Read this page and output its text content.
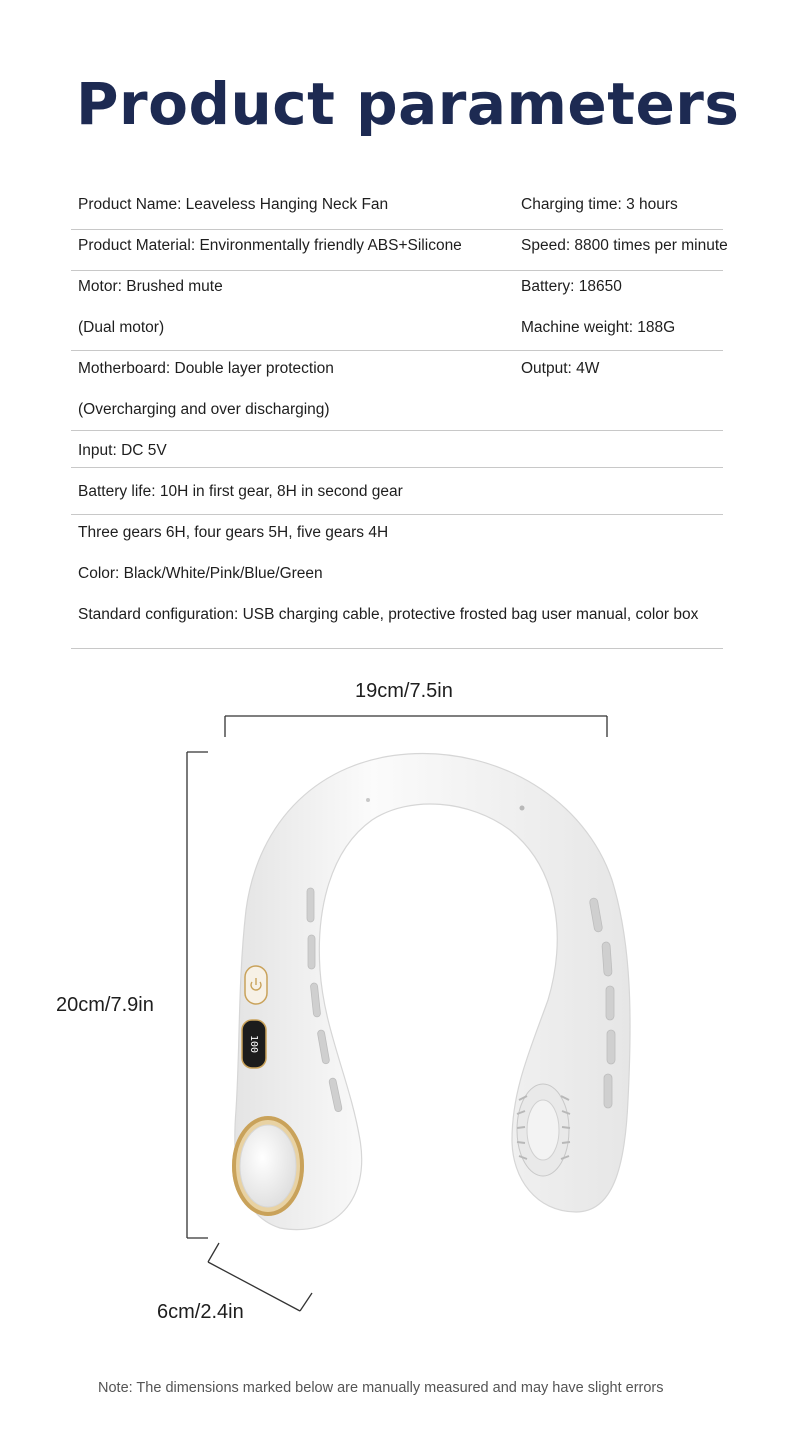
Product parameters
Product Name: Leaveless Hanging Neck Fan	Charging time: 3 hours
Product Material: Environmentally friendly ABS+Silicone	Speed: 8800 times per minute
Motor: Brushed mute	Battery: 18650
(Dual motor)	Machine weight: 188G
Motherboard: Double layer protection	Output: 4W
(Overcharging and over discharging)
Input: DC 5V
Battery life: 10H in first gear, 8H in second gear
Three gears 6H, four gears 5H, five gears 4H
Color: Black/White/Pink/Blue/Green
Standard configuration: USB charging cable, protective frosted bag user manual, color box
19cm/7.5in
20cm/7.9in
6cm/2.4in
100
Note: The dimensions marked below are manually measured and may have slight errors
